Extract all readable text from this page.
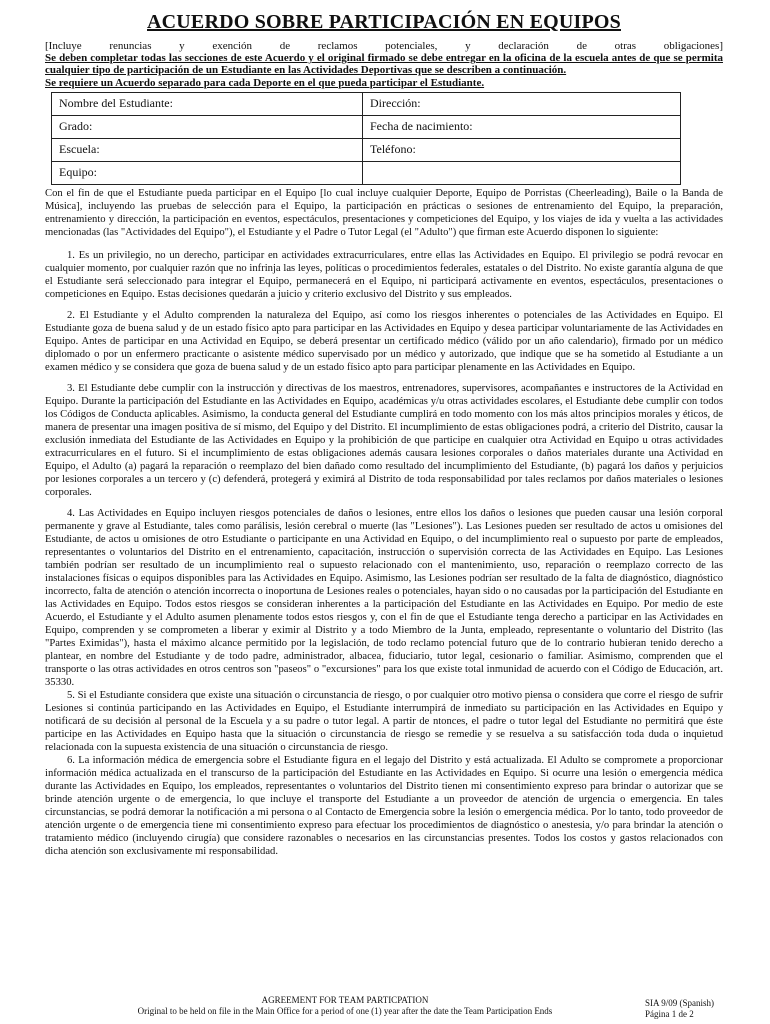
ACUERDO SOBRE PARTICIPACIÓN EN EQUIPOS
[Incluye renuncias y exención de reclamos potenciales, y declaración de otras obligaciones]
Se deben completar todas las secciones de este Acuerdo y el original firmado se debe entregar en la oficina de la escuela antes de que se permita cualquier tipo de participación de un Estudiante en las Actividades Deportivas que se describen a continuación.
Se requiere un Acuerdo separado para cada Deporte en el que pueda participar el Estudiante.
Nombre del Estudiante:	Dirección:
Grado:	Fecha de nacimiento:
Escuela:	Teléfono:
Equipo:	

Con el fin de que el Estudiante pueda participar en el Equipo [lo cual incluye cualquier Deporte, Equipo de Porristas (Cheerleading), Baile o la Banda de Música], incluyendo las pruebas de selección para el Equipo, la participación en prácticas o sesiones de entrenamiento del Equipo, la preparación, entrenamiento y dirección, la participación en eventos, espectáculos, presentaciones y competiciones del Equipo, y los viajes de ida y vuelta a las actividades mencionadas (las "Actividades del Equipo"), el Estudiante y el Padre o Tutor Legal (el "Adulto") que firman este Acuerdo disponen lo siguiente:

1. Es un privilegio, no un derecho, participar en actividades extracurriculares, entre ellas las Actividades en Equipo. El privilegio se podrá revocar en cualquier momento, por cualquier razón que no infrinja las leyes, políticas o procedimientos federales, estatales o del Distrito. No existe garantía alguna de que el Estudiante será seleccionado para integrar el Equipo, permanecerá en el Equipo, ni participará activamente en eventos, espectáculos, presentaciones o competiciones en Equipo. Estas decisiones quedarán a juicio y criterio exclusivo del Distrito y sus empleados.

2. El Estudiante y el Adulto comprenden la naturaleza del Equipo, así como los riesgos inherentes o potenciales de las Actividades en Equipo. El Estudiante goza de buena salud y de un estado físico apto para participar en las Actividades en Equipo y desea participar voluntariamente de las Actividades en Equipo. Antes de participar en una Actividad en Equipo, se deberá presentar un certificado médico (válido por un año calendario), firmado por un médico diplomado o por un enfermero practicante o asistente médico supervisado por un médico y autorizado, que indique que se ha sometido al Estudiante a un examen médico y se considera que goza de buena salud y de un estado físico apto para participar plenamente en las Actividades en Equipo.

3. El Estudiante debe cumplir con la instrucción y directivas de los maestros, entrenadores, supervisores, acompañantes e instructores de la Actividad en Equipo. Durante la participación del Estudiante en las Actividades en Equipo, académicas y/u otras actividades escolares, el Estudiante debe cumplir con todos los Códigos de Conducta aplicables. Asimismo, la conducta general del Estudiante cumplirá en todo momento con los más altos principios morales y éticos, de manera de presentar una imagen positiva de sí mismo, del Equipo y del Distrito. El incumplimiento de estas obligaciones podrá, a criterio del Distrito, causar la exclusión inmediata del Estudiante de las Actividades en Equipo y la prohibición de que participe en cualquier otra Actividad en Equipo u otras actividades extracurriculares en el futuro. Si el incumplimiento de estas obligaciones además causara lesiones corporales o daños materiales durante una Actividad en Equipo, el Adulto (a) pagará la reparación o reemplazo del bien dañado como resultado del incumplimiento del Estudiante, (b) pagará los daños y perjuicios por lesiones corporales a un tercero y (c) defenderá, protegerá y eximirá al Distrito de toda responsabilidad por tales reclamos por daños materiales o lesiones corporales.

4. Las Actividades en Equipo incluyen riesgos potenciales de daños o lesiones, entre ellos los daños o lesiones que pueden causar una lesión corporal permanente y grave al Estudiante, tales como parálisis, lesión cerebral o muerte (las "Lesiones"). Las Lesiones pueden ser resultado de actos u omisiones del Estudiante, de actos u omisiones de otro Estudiante o participante en una Actividad en Equipo, o del incumplimiento real o supuesto por parte de empleados, representantes o voluntarios del Distrito en el entrenamiento, capacitación, instrucción o supervisión correcta de las Actividades en Equipo. Las Lesiones también podrían ser resultado de un incumplimiento real o supuesto relacionado con el mantenimiento, uso, reparación o reemplazo correcto de las instalaciones físicas o equipos disponibles para las Actividades en Equipo. Asimismo, las Lesiones podrían ser resultado de la falta de diagnóstico, diagnóstico incorrecto, falta de atención o atención incorrecta o inoportuna de Lesiones reales o potenciales, hayan sido o no causadas por la participación del Estudiante en las Actividades en Equipo. Todos estos riesgos se consideran inherentes a la participación del Estudiante en las Actividades en Equipo. Por medio de este Acuerdo, el Estudiante y el Adulto asumen plenamente todos estos riesgos y, con el fin de que el Estudiante tenga derecho a participar en las Actividades en Equipo, comprenden y se comprometen a liberar y eximir al Distrito y a todo Miembro de la Junta, empleado, representante o voluntario del Distrito (las "Partes Eximidas"), hasta el máximo alcance permitido por la legislación, de todo reclamo potencial futuro que de lo contrario hubieran tenido derecho a plantear, en nombre del Estudiante y de todo padre, administrador, albacea, fiduciario, tutor legal, cesionario o familiar. Asimismo, comprenden que el transporte o las otras actividades en otros centros son "paseos" o "excursiones" para los que existe total inmunidad de acuerdo con el Código de Educación, art. 35330.

5. Si el Estudiante considera que existe una situación o circunstancia de riesgo, o por cualquier otro motivo piensa o considera que corre el riesgo de sufrir Lesiones si continúa participando en las Actividades en Equipo, el Estudiante interrumpirá de inmediato su participación en las Actividades en Equipo y notificará de su decisión al personal de la Escuela y a su padre o tutor legal. A partir de ntonces, el padre o tutor legal del Estudiante no permitirá que éste participe en las Actividades en Equipo hasta que la situación o circunstancia de riesgo se remedie y se resuelva a su satisfacción toda duda o inquietud relacionada con la supuesta existencia de una situación o circunstancia de riesgo.

6. La información médica de emergencia sobre el Estudiante figura en el legajo del Distrito y está actualizada. El Adulto se compromete a proporcionar información médica actualizada en el transcurso de la participación del Estudiante en las Actividades en Equipo. Si ocurre una lesión o emergencia médica durante las Actividades en Equipo, los empleados, representantes o voluntarios del Distrito tienen mi consentimiento expreso para brindar o autorizar que se brinde atención urgente o de emergencia, lo que incluye el transporte del Estudiante a un proveedor de atención de urgencia o emergencia. En tales circunstancias, se podrá demorar la notificación a mi persona o al Contacto de Emergencia sobre la lesión o emergencia médica. Por lo tanto, todo proveedor de atención urgente o de emergencia tiene mi consentimiento expreso para efectuar los procedimientos de diagnóstico o anestesia, y/o para brindar la atención o tratamiento médico (incluyendo cirugía) que considere razonables o necesarios en las circunstancias presentes. Todos los costos y gastos relacionados con dicha atención son exclusivamente mi responsabilidad.

AGREEMENT FOR TEAM PARTICPATION
Original to be held on file in the Main Office for a period of one (1) year after the date the Team Participation Ends
SIA 9/09 (Spanish)
Página 1 de 2
